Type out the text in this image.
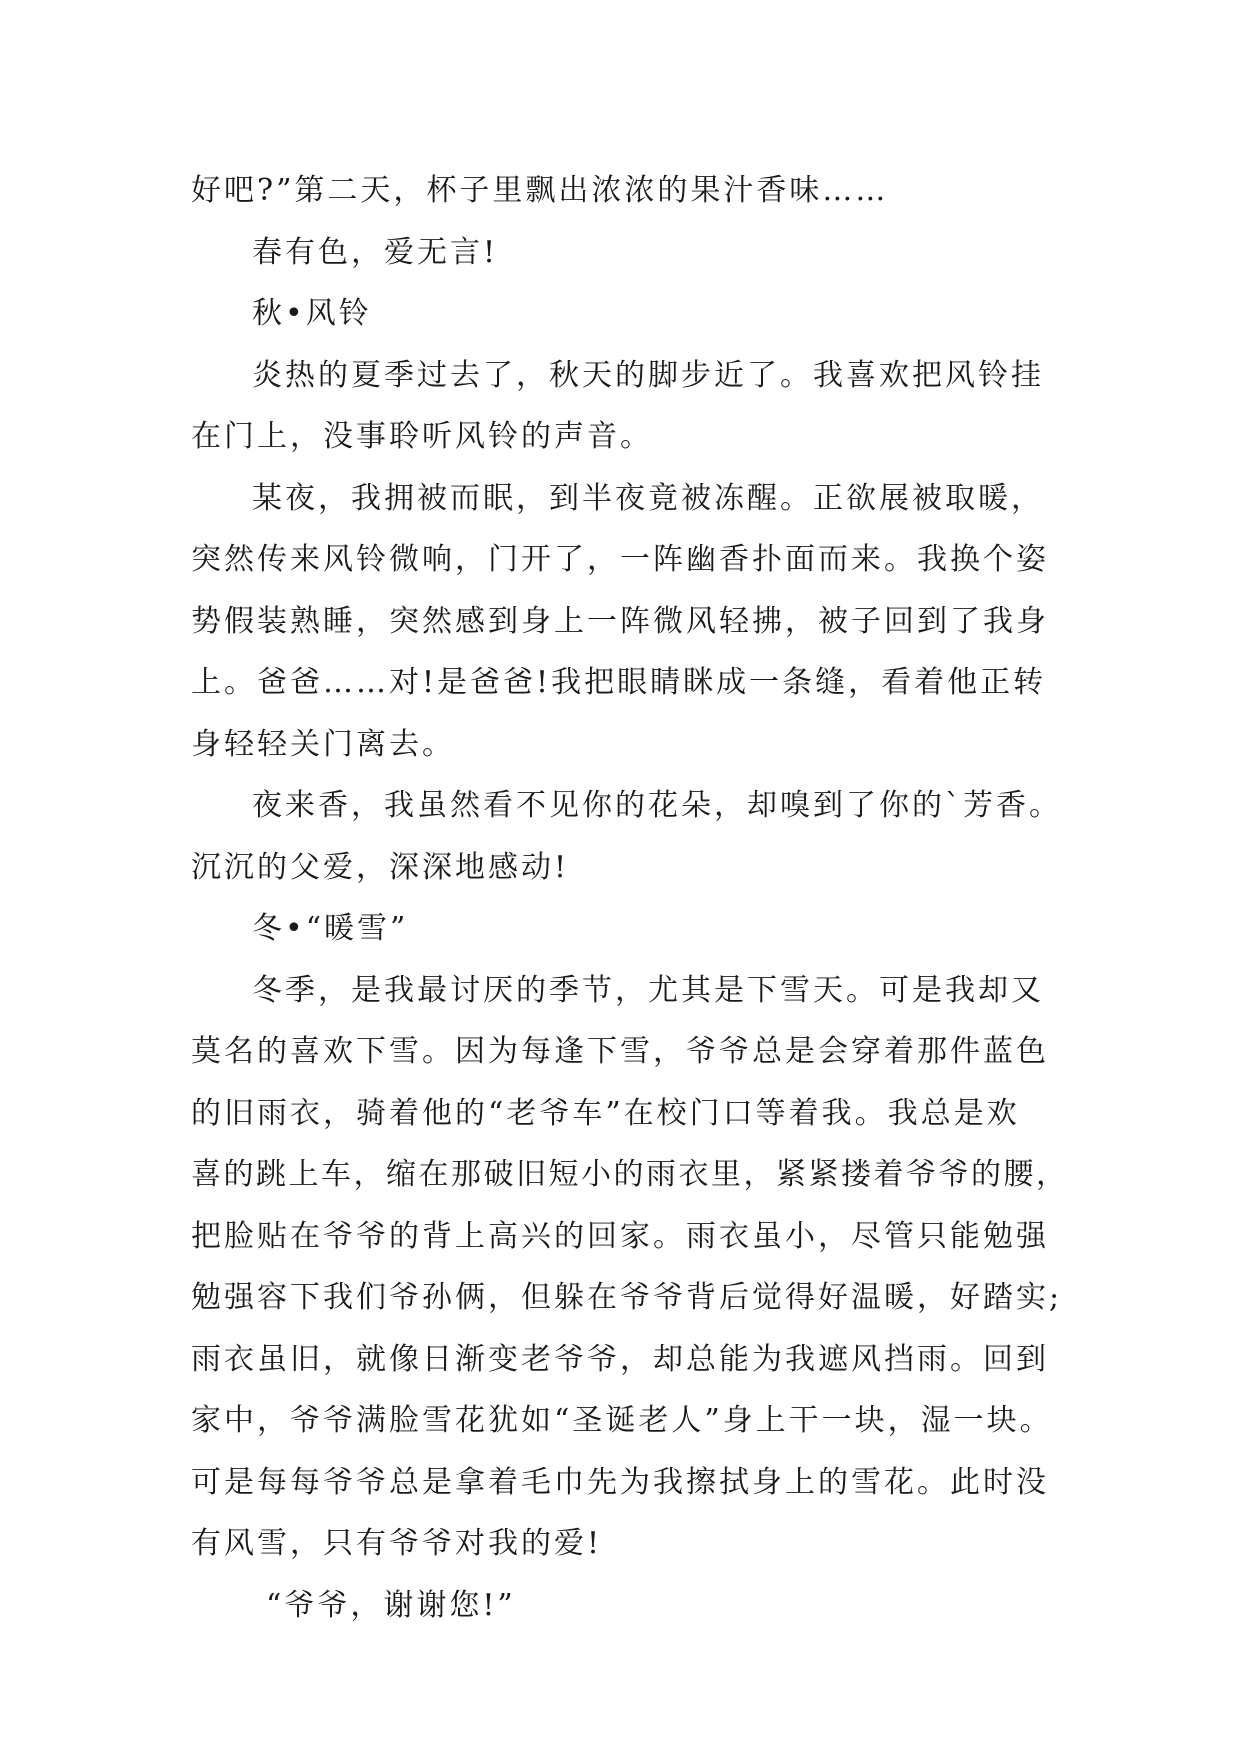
好吧?”第二天，杯子里飘出浓浓的果汁香味……
春有色，爱无言!
秋•风铃
炎热的夏季过去了，秋天的脚步近了。我喜欢把风铃挂
在门上，没事聆听风铃的声音。
某夜，我拥被而眠，到半夜竟被冻醒。正欲展被取暖，
突然传来风铃微响，门开了，一阵幽香扑面而来。我换个姿
势假装熟睡，突然感到身上一阵微风轻拂，被子回到了我身
上。爸爸……对!是爸爸!我把眼睛眯成一条缝，看着他正转
身轻轻关门离去。
夜来香，我虽然看不见你的花朵，却嗅到了你的`芳香。
沉沉的父爱，深深地感动!
冬•“暖雪”
冬季，是我最讨厌的季节，尤其是下雪天。可是我却又
莫名的喜欢下雪。因为每逢下雪，爷爷总是会穿着那件蓝色
的旧雨衣，骑着他的“老爷车”在校门口等着我。我总是欢
喜的跳上车，缩在那破旧短小的雨衣里，紧紧搂着爷爷的腰，
把脸贴在爷爷的背上高兴的回家。雨衣虽小，尽管只能勉强
勉强容下我们爷孙俩，但躲在爷爷背后觉得好温暖，好踏实;
雨衣虽旧，就像日渐变老爷爷，却总能为我遮风挡雨。回到
家中，爷爷满脸雪花犹如“圣诞老人”身上干一块，湿一块。
可是每每爷爷总是拿着毛巾先为我擦拭身上的雪花。此时没
有风雪，只有爷爷对我的爱!
“爷爷，谢谢您!”
